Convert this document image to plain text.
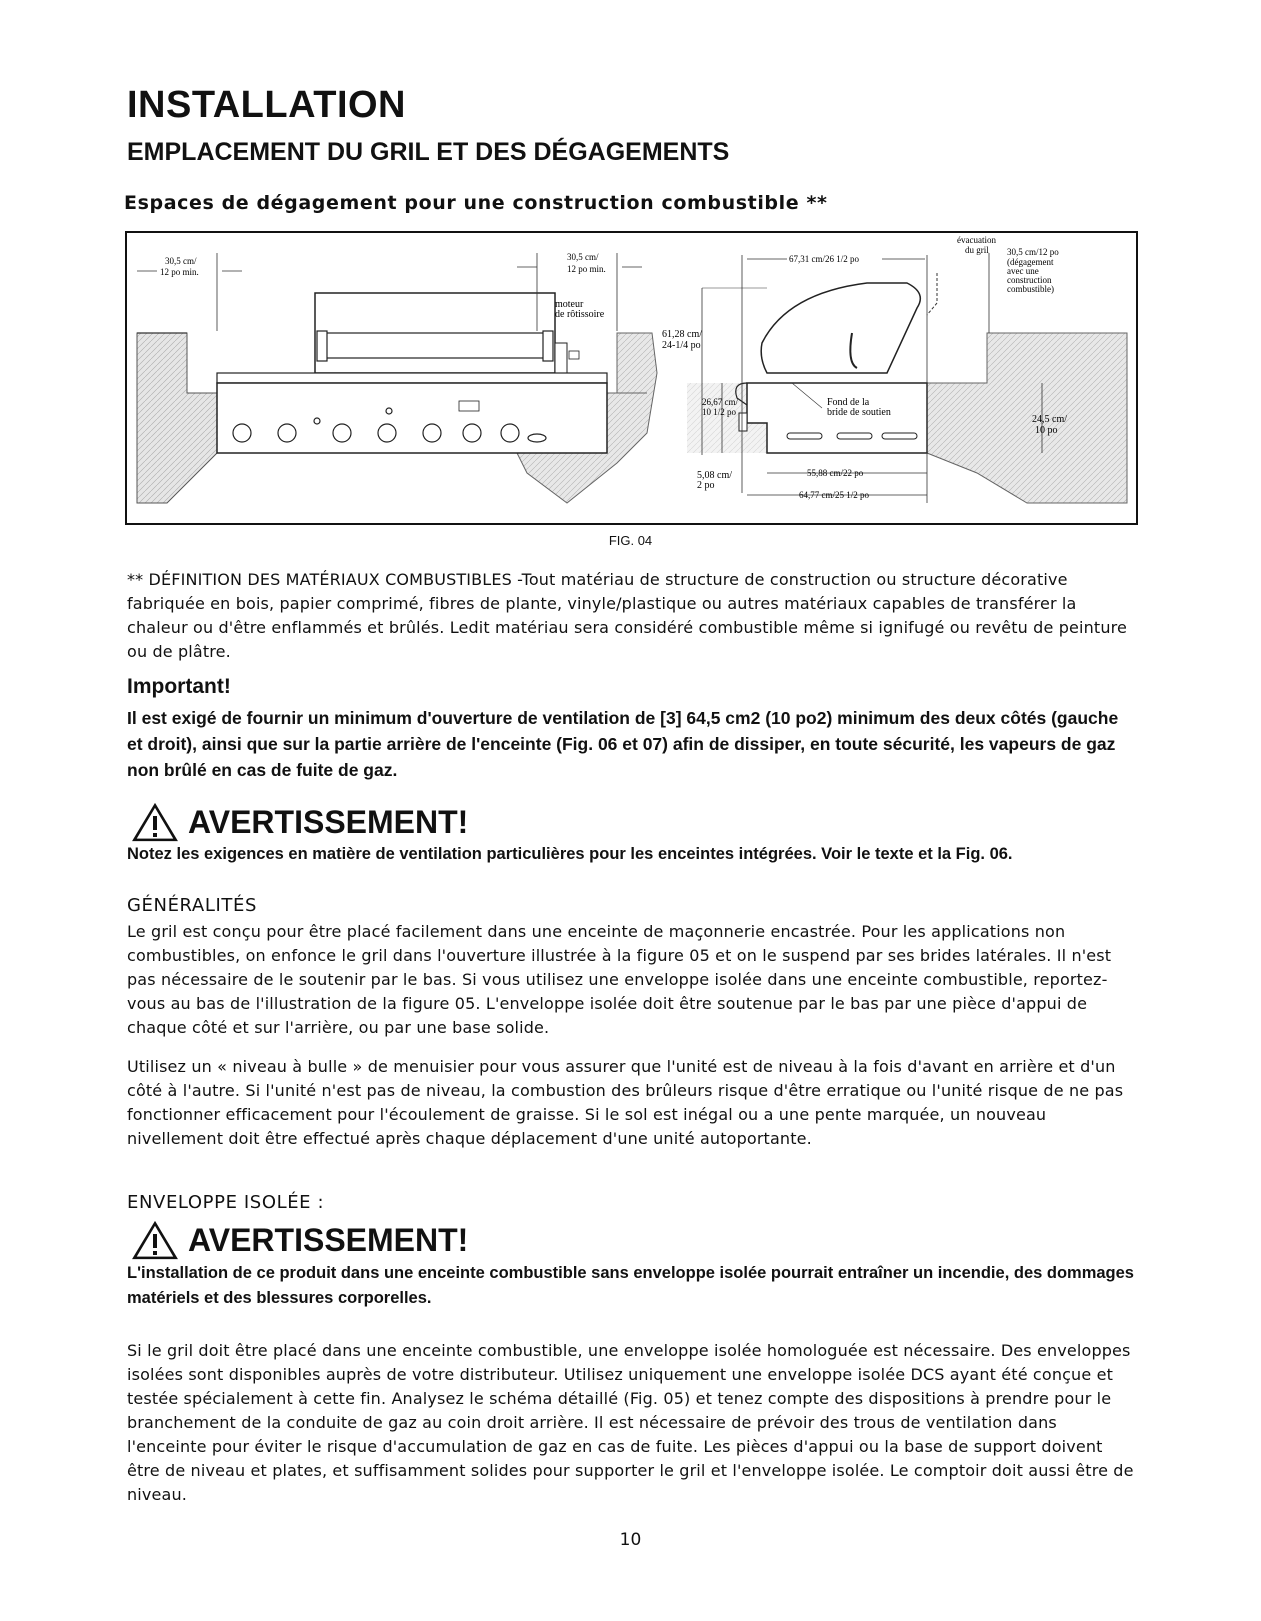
INSTALLATION
EMPLACEMENT DU GRIL ET DES DÉGAGEMENTS
Espaces de dégagement pour une construction combustible **
30,5 cm/
12 po min.
30,5 cm/
12 po min.
moteur
de rôtissoire
67,31 cm/26 1/2 po
évacuation
du gril 30,5 cm/12 po
(dégagement
avec une
construction
combustible)
61,28 cm/
24-1/4 po
26,67 cm/
10 1/2 po
Fond de la
bride de soutien
24,5 cm/
10 po
5,08 cm/
2 po
55,88 cm/22 po
64,77 cm/25 1/2 po
FIG. 04
** DÉFINITION DES MATÉRIAUX COMBUSTIBLES -Tout matériau de structure de construction ou structure décorative fabriquée en bois, papier comprimé, fibres de plante, vinyle/plastique ou autres matériaux capables de transférer la chaleur ou d'être enflammés et brûlés. Ledit matériau sera considéré combustible même si ignifugé ou revêtu de peinture ou de plâtre.
Important!
Il est exigé de fournir un minimum d'ouverture de ventilation de [3] 64,5 cm2 (10 po2) minimum des deux côtés (gauche et droit), ainsi que sur la partie arrière de l'enceinte (Fig. 06 et 07) afin de dissiper, en toute sécurité, les vapeurs de gaz non brûlé en cas de fuite de gaz.
AVERTISSEMENT!
Notez les exigences en matière de ventilation particulières pour les enceintes intégrées. Voir le texte et la Fig. 06.
GÉNÉRALITÉS
Le gril est conçu pour être placé facilement dans une enceinte de maçonnerie encastrée. Pour les applications non combustibles, on enfonce le gril dans l'ouverture illustrée à la figure 05 et on le suspend par ses brides latérales. Il n'est pas nécessaire de le soutenir par le bas. Si vous utilisez une enveloppe isolée dans une enceinte combustible, reportez-vous au bas de l'illustration de la figure 05. L'enveloppe isolée doit être soutenue par le bas par une pièce d'appui de chaque côté et sur l'arrière, ou par une base solide.
Utilisez un « niveau à bulle » de menuisier pour vous assurer que l'unité est de niveau à la fois d'avant en arrière et d'un côté à l'autre. Si l'unité n'est pas de niveau, la combustion des brûleurs risque d'être erratique ou l'unité risque de ne pas fonctionner efficacement pour l'écoulement de graisse. Si le sol est inégal ou a une pente marquée, un nouveau nivellement doit être effectué après chaque déplacement d'une unité autoportante.
ENVELOPPE ISOLÉE :
AVERTISSEMENT!
L'installation de ce produit dans une enceinte combustible sans enveloppe isolée pourrait entraîner un incendie, des dommages matériels et des blessures corporelles.
Si le gril doit être placé dans une enceinte combustible, une enveloppe isolée homologuée est nécessaire. Des enveloppes isolées sont disponibles auprès de votre distributeur. Utilisez uniquement une enveloppe isolée DCS ayant été conçue et testée spécialement à cette fin. Analysez le schéma détaillé (Fig. 05) et tenez compte des dispositions à prendre pour le branchement de la conduite de gaz au coin droit arrière. Il est nécessaire de prévoir des trous de ventilation dans l'enceinte pour éviter le risque d'accumulation de gaz en cas de fuite. Les pièces d'appui ou la base de support doivent être de niveau et plates, et suffisamment solides pour supporter le gril et l'enveloppe isolée. Le comptoir doit aussi être de niveau.
10
